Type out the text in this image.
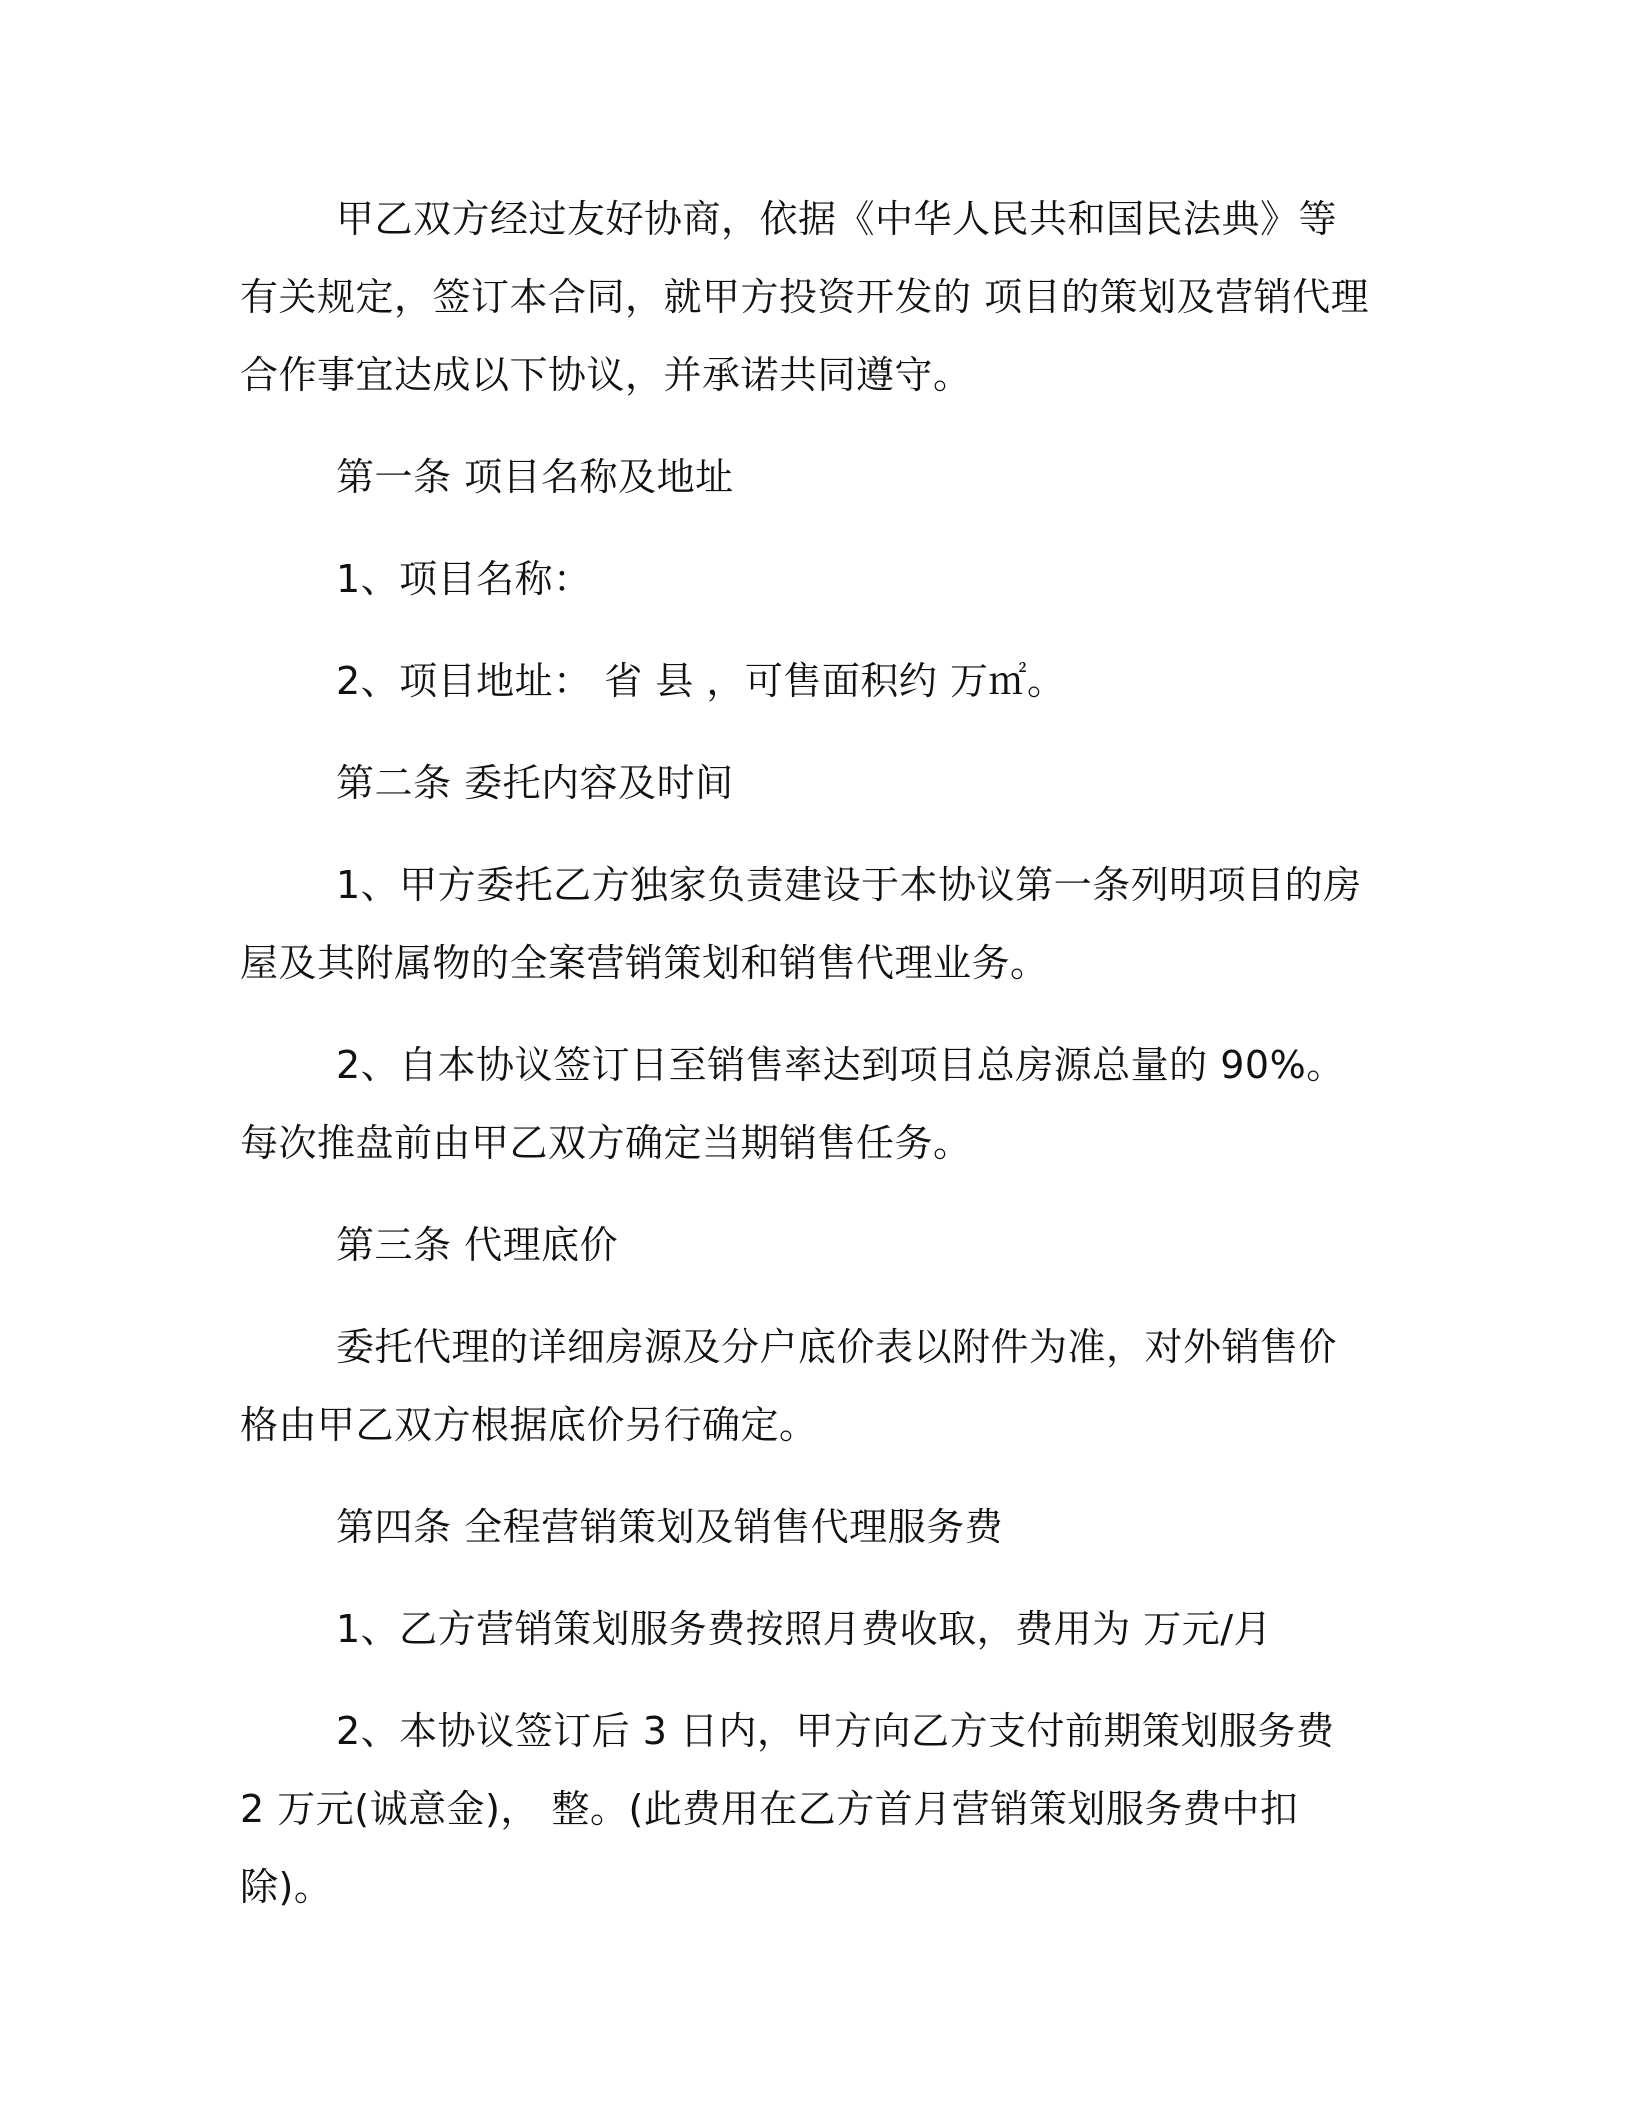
甲乙双方经过友好协商，依据《中华人民共和国民法典》等有关规定，签订本合同，就甲方投资开发的 项目的策划及营销代理合作事宜达成以下协议，并承诺共同遵守。

第一条 项目名称及地址

1、项目名称：

2、项目地址： 省 县 ，可售面积约 万㎡。

第二条 委托内容及时间

1、甲方委托乙方独家负责建设于本协议第一条列明项目的房屋及其附属物的全案营销策划和销售代理业务。

2、自本协议签订日至销售率达到项目总房源总量的 90%。每次推盘前由甲乙双方确定当期销售任务。

第三条 代理底价

委托代理的详细房源及分户底价表以附件为准，对外销售价格由甲乙双方根据底价另行确定。

第四条 全程营销策划及销售代理服务费

1、乙方营销策划服务费按照月费收取，费用为 万元/月

2、本协议签订后 3 日内，甲方向乙方支付前期策划服务费 2 万元(诚意金)， 整。(此费用在乙方首月营销策划服务费中扣除)。
